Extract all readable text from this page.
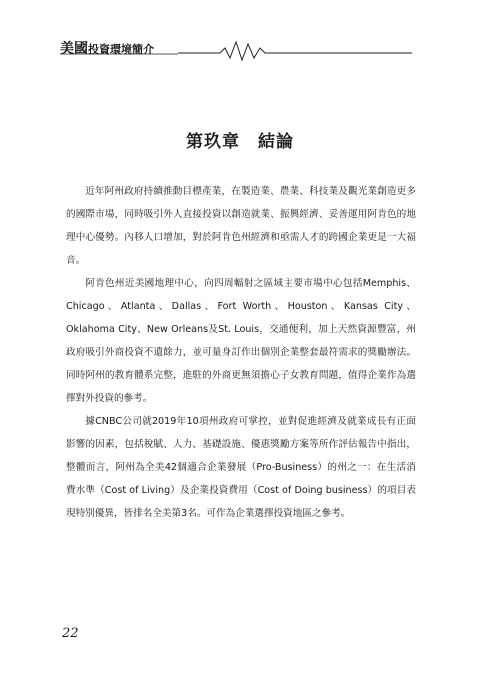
美國投資環境簡介
第玖章　結論

近年阿州政府持續推動目標產業，在製造業、農業、科技業及觀光業創造更多的國際市場，同時吸引外人直接投資以創造就業、振興經濟、妥善運用阿肯色的地理中心優勢。內移人口增加，對於阿肯色州經濟和亟需人才的跨國企業更是一大福音。

阿肯色州近美國地理中心，向四周輻射之區域主要市場中心包括Memphis、Chicago、Atlanta、Dallas、Fort Worth、Houston、Kansas City、Oklahoma City、New Orleans及St. Louis，交通便利，加上天然資源豐富，州政府吸引外商投資不遺餘力，並可量身訂作出個別企業整套最符需求的獎勵辦法。同時阿州的教育體系完整，進駐的外商更無須擔心子女教育問題，值得企業作為選擇對外投資的參考。

據CNBC公司就2019年10項州政府可掌控，並對促進經濟及就業成長有正面影響的因素，包括稅賦、人力、基礎設施、優惠獎勵方案等所作評估報告中指出，整體而言，阿州為全美42個適合企業發展（Pro-Business）的州之一：在生活消費水準（Cost of Living）及企業投資費用（Cost of Doing business）的項目表現特別優異，皆排名全美第3名。可作為企業選擇投資地區之參考。

22
